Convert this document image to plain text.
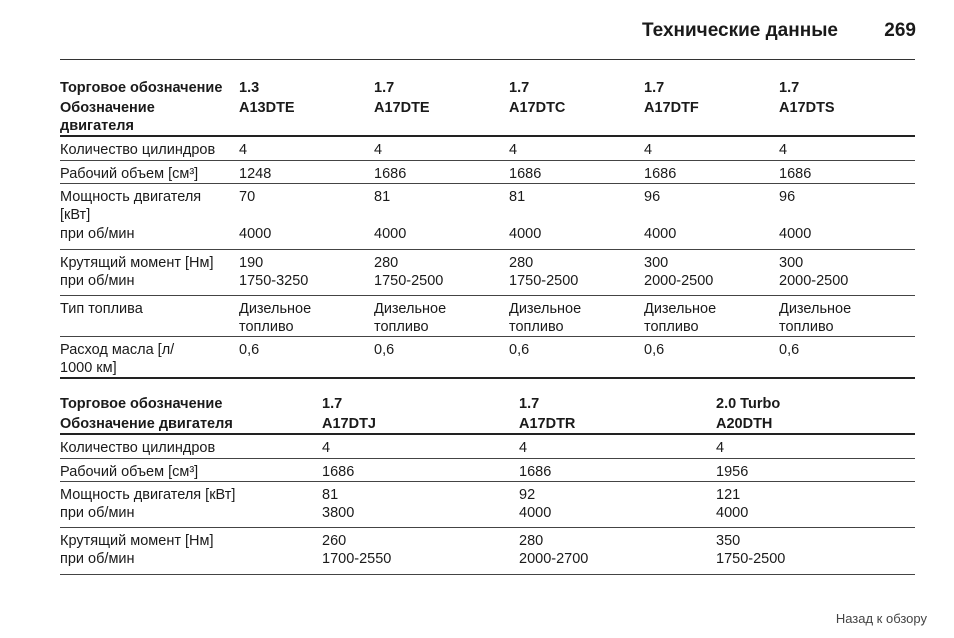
Технические данные 269
Торговое обозначение	1.3	1.7	1.7	1.7	1.7
Обозначение двигателя	A13DTE	A17DTE	A17DTC	A17DTF	A17DTS
Количество цилиндров	4	4	4	4	4
Рабочий объем [см³]	1248	1686	1686	1686	1686
Мощность двигателя [кВт]	70	81	81	96	96
при об/мин	4000	4000	4000	4000	4000
Крутящий момент [Нм]	190	280	280	300	300
при об/мин	1750-3250	1750-2500	1750-2500	2000-2500	2000-2500
Тип топлива	Дизельное топливо	Дизельное топливо	Дизельное топливо	Дизельное топливо	Дизельное топливо
Расход масла [л/ 1000 км]	0,6	0,6	0,6	0,6	0,6
Торговое обозначение	1.7	1.7	2.0 Turbo
Обозначение двигателя	A17DTJ	A17DTR	A20DTH
Количество цилиндров	4	4	4
Рабочий объем [см³]	1686	1686	1956
Мощность двигателя [кВт]	81	92	121
при об/мин	3800	4000	4000
Крутящий момент [Нм]	260	280	350
при об/мин	1700-2550	2000-2700	1750-2500
Назад к обзору
